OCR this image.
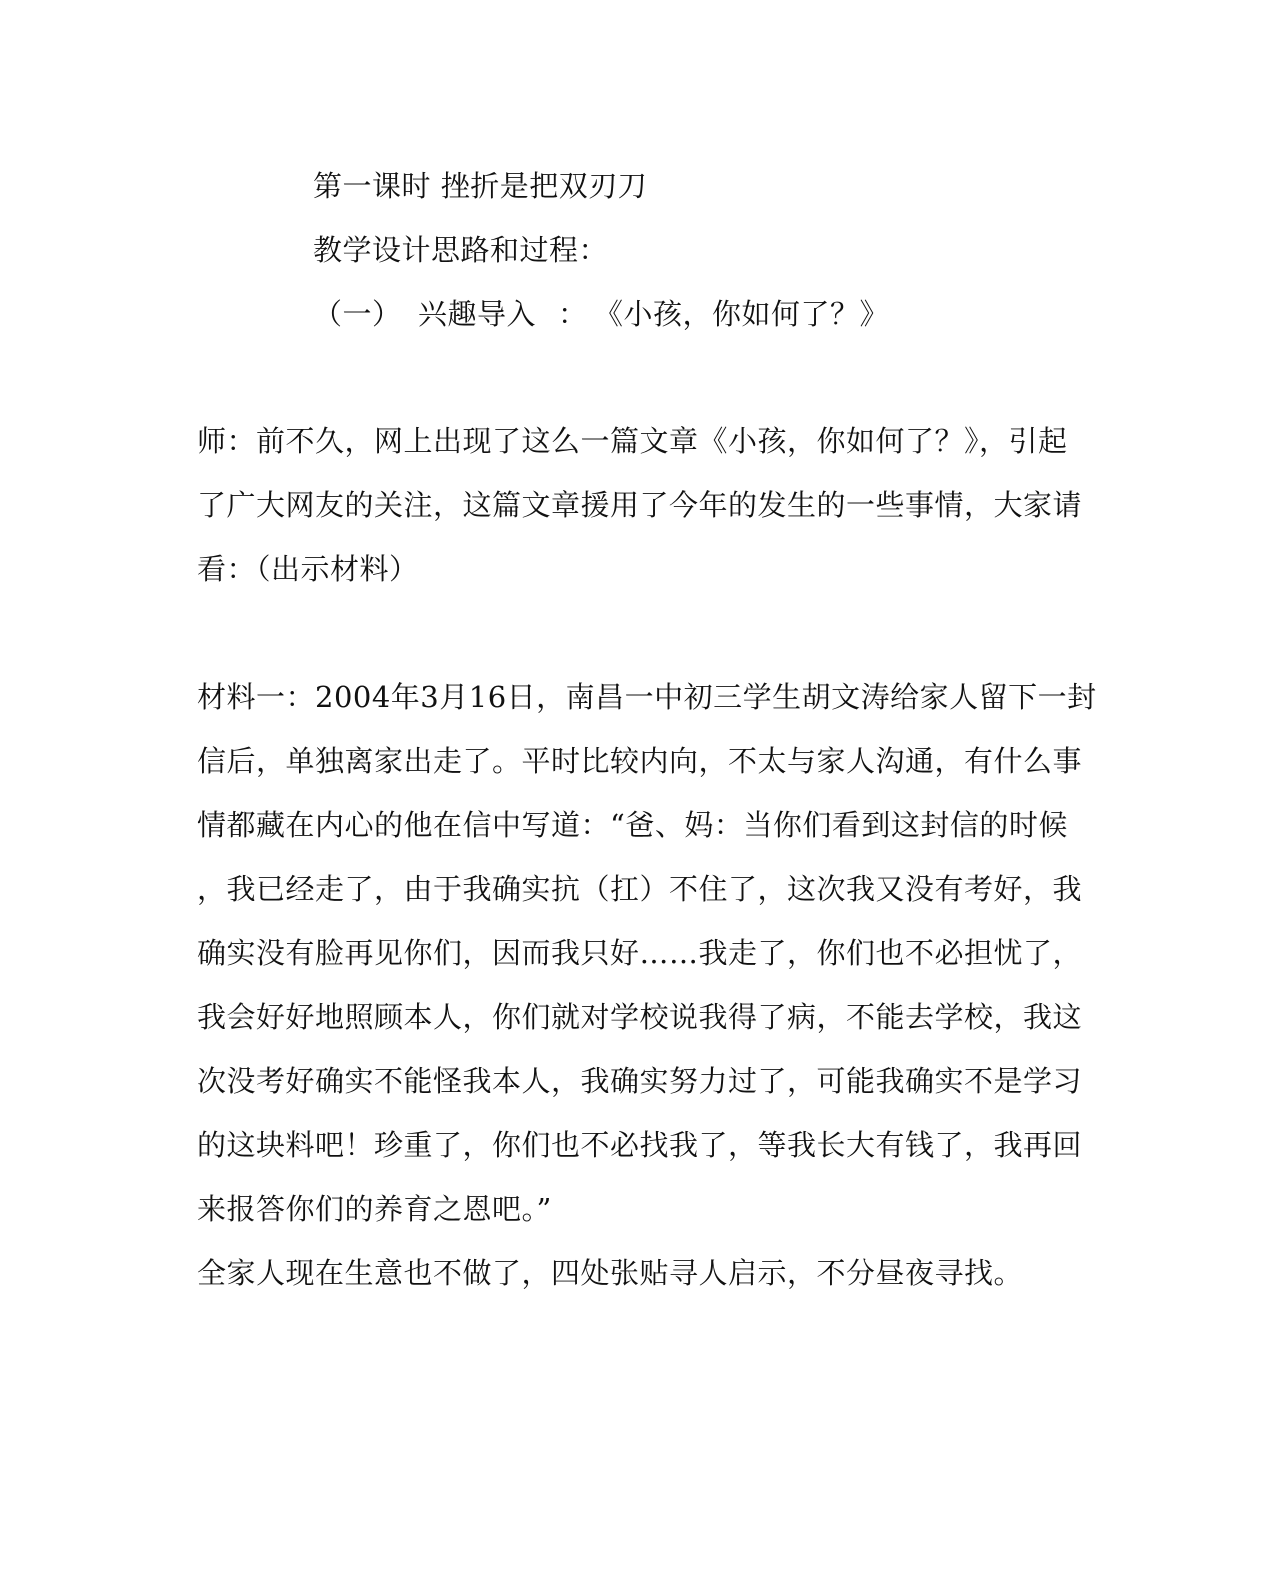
第一课时 挫折是把双刃刀
教学设计思路和过程：
（一） 兴趣导入 ： 《小孩，你如何了？》
师：前不久，网上出现了这么一篇文章《小孩，你如何了？》，引起
了广大网友的关注，这篇文章援用了今年的发生的一些事情，大家请
看：（出示材料）
材料一：2004年3月16日，南昌一中初三学生胡文涛给家人留下一封
信后，单独离家出走了。平时比较内向，不太与家人沟通，有什么事
情都藏在内心的他在信中写道：“爸、妈：当你们看到这封信的时候
，我已经走了，由于我确实抗（扛）不住了，这次我又没有考好，我
确实没有脸再见你们，因而我只好……我走了，你们也不必担忧了，
我会好好地照顾本人，你们就对学校说我得了病，不能去学校，我这
次没考好确实不能怪我本人，我确实努力过了，可能我确实不是学习
的这块料吧！珍重了，你们也不必找我了，等我长大有钱了，我再回
来报答你们的养育之恩吧。”
全家人现在生意也不做了，四处张贴寻人启示，不分昼夜寻找。
